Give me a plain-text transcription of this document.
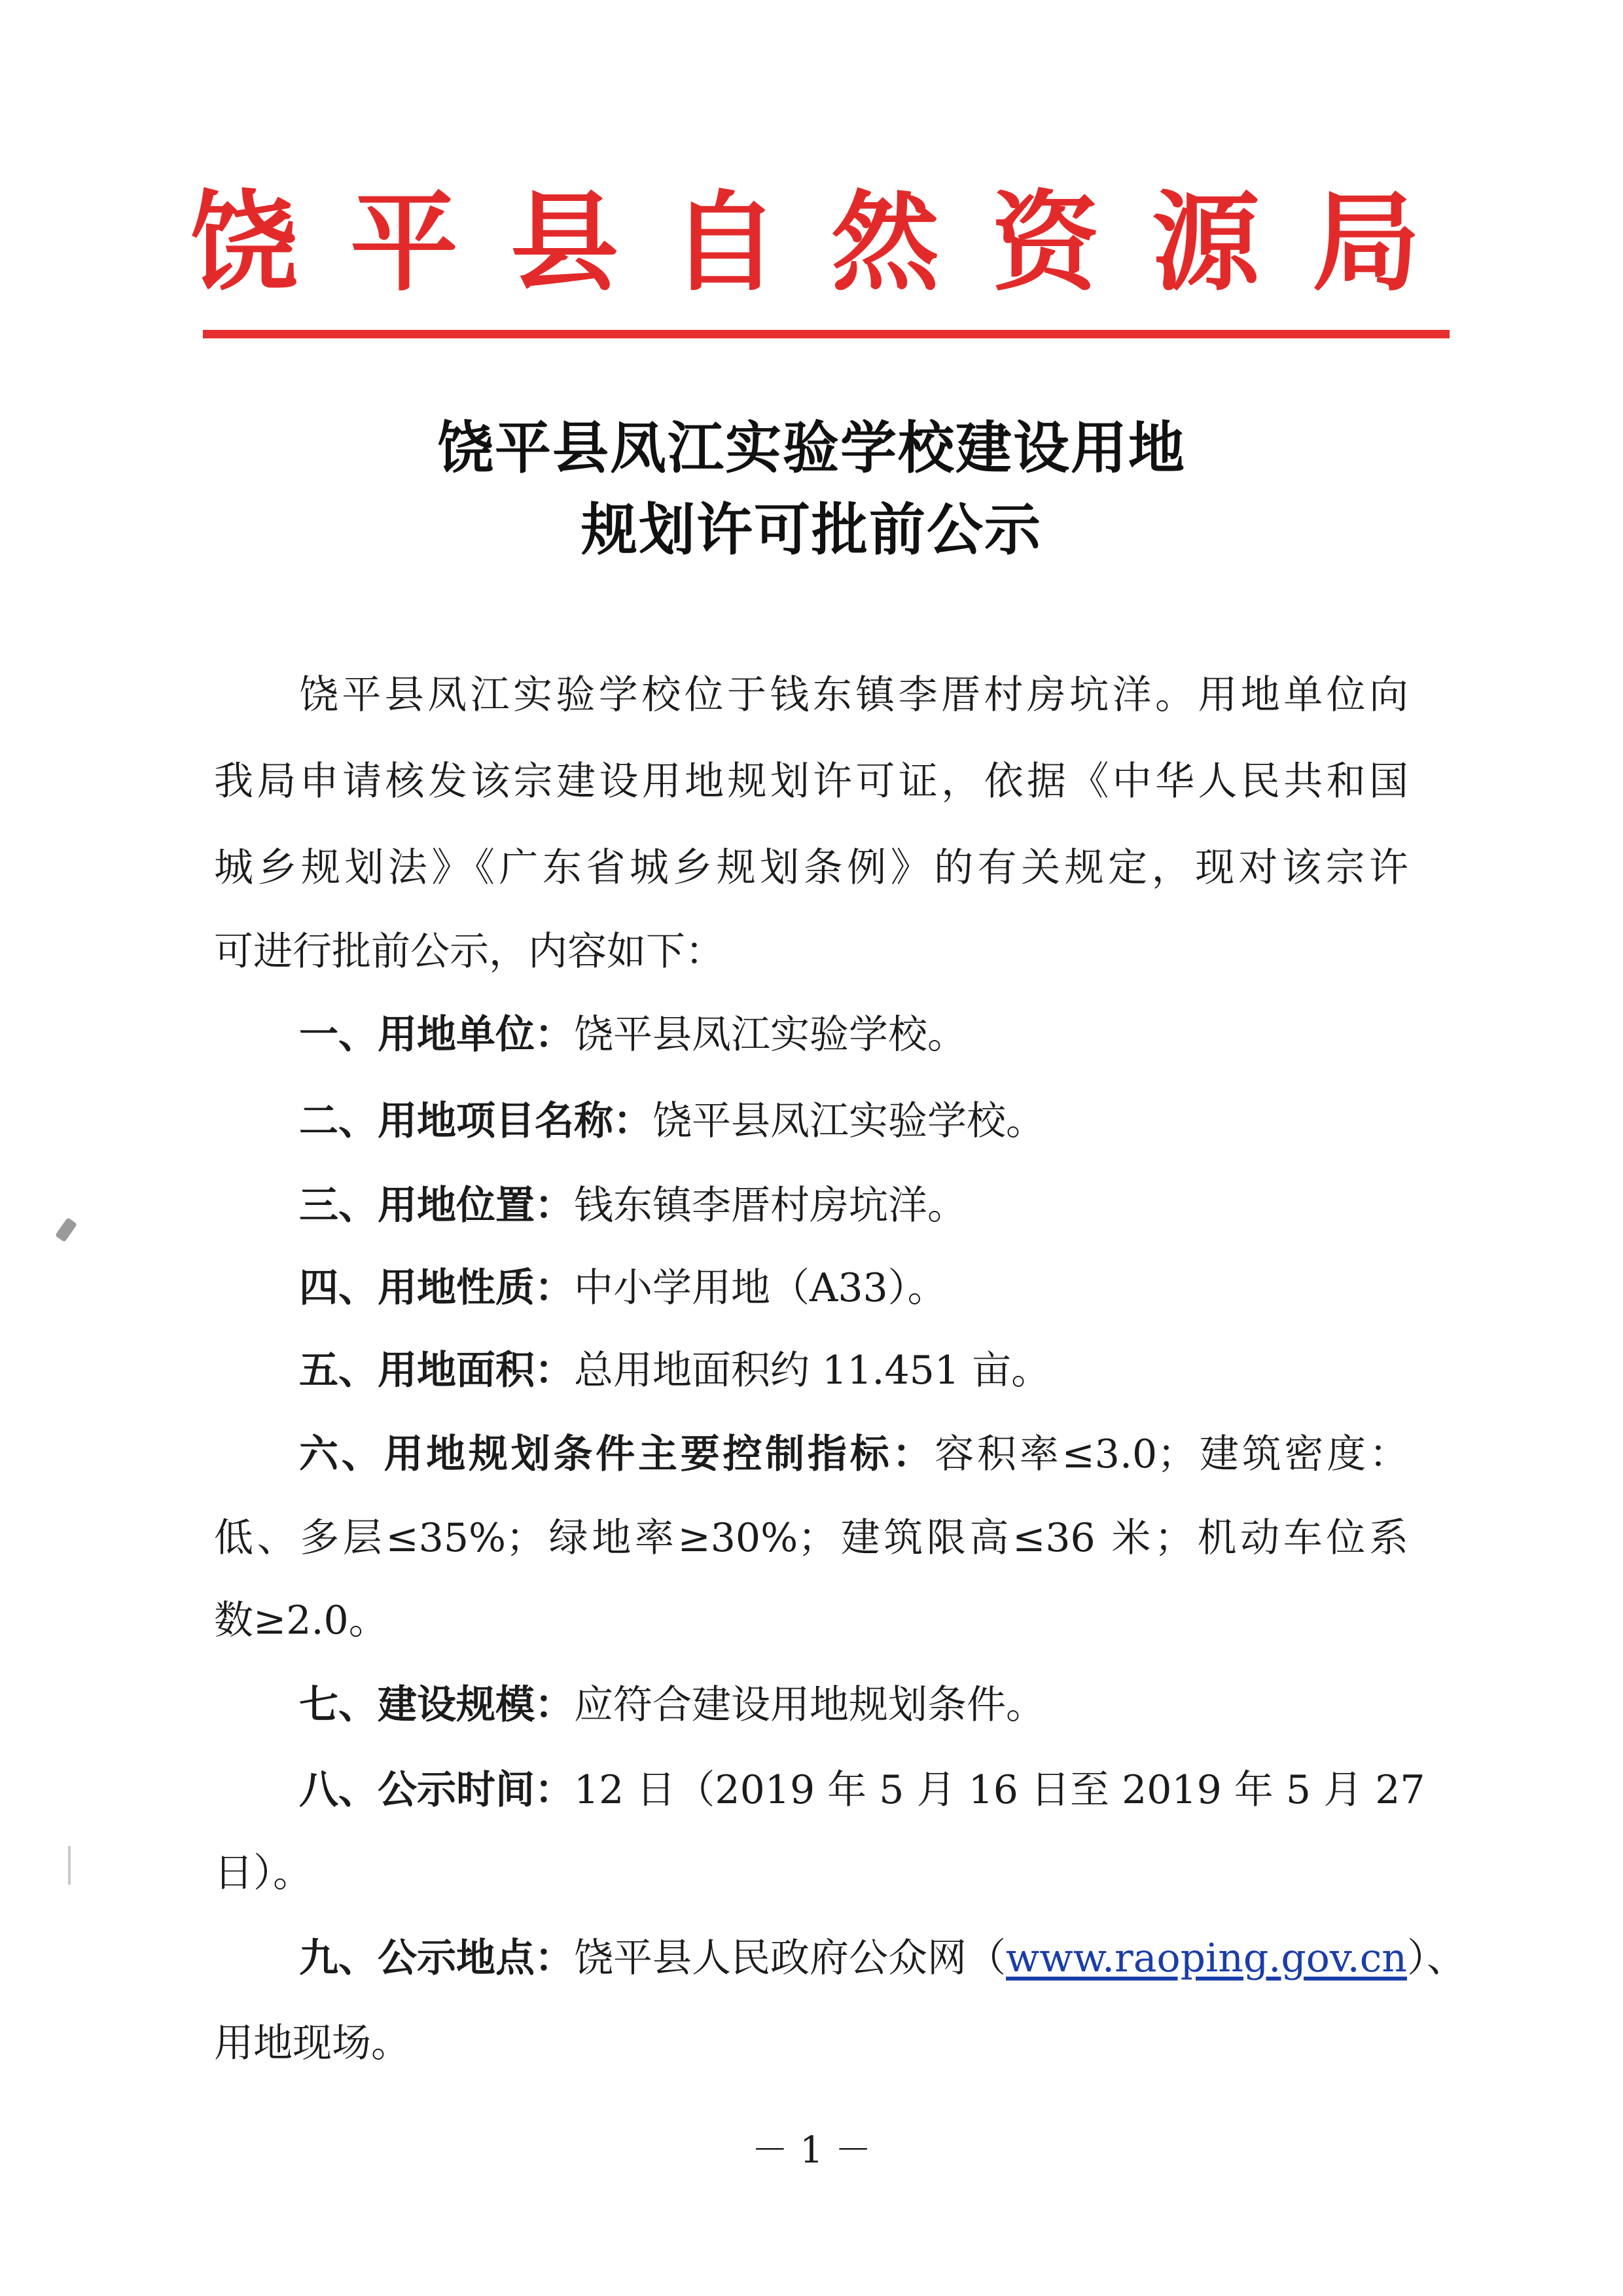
饶 平 县 自 然 资 源 局
饶平县凤江实验学校建设用地
规划许可批前公示
饶平县凤江实验学校位于钱东镇李厝村房坑洋。用地单位向
我局申请核发该宗建设用地规划许可证，依据《中华人民共和国
城乡规划法》《广东省城乡规划条例》的有关规定，现对该宗许
可进行批前公示，内容如下：
一、用地单位：饶平县凤江实验学校。
二、用地项目名称：饶平县凤江实验学校。
三、用地位置：钱东镇李厝村房坑洋。
四、用地性质：中小学用地（A33）。
五、用地面积：总用地面积约 11.451 亩。
六、用地规划条件主要控制指标：容积率≤3.0；建筑密度：
低、多层≤35%；绿地率≥30%；建筑限高≤36 米；机动车位系
数≥2.0。
七、建设规模：应符合建设用地规划条件。
八、公示时间：12 日（2019 年 5 月 16 日至 2019 年 5 月 27
日）。
九、公示地点：饶平县人民政府公众网（www.raoping.gov.cn）、
用地现场。
－ 1 －
